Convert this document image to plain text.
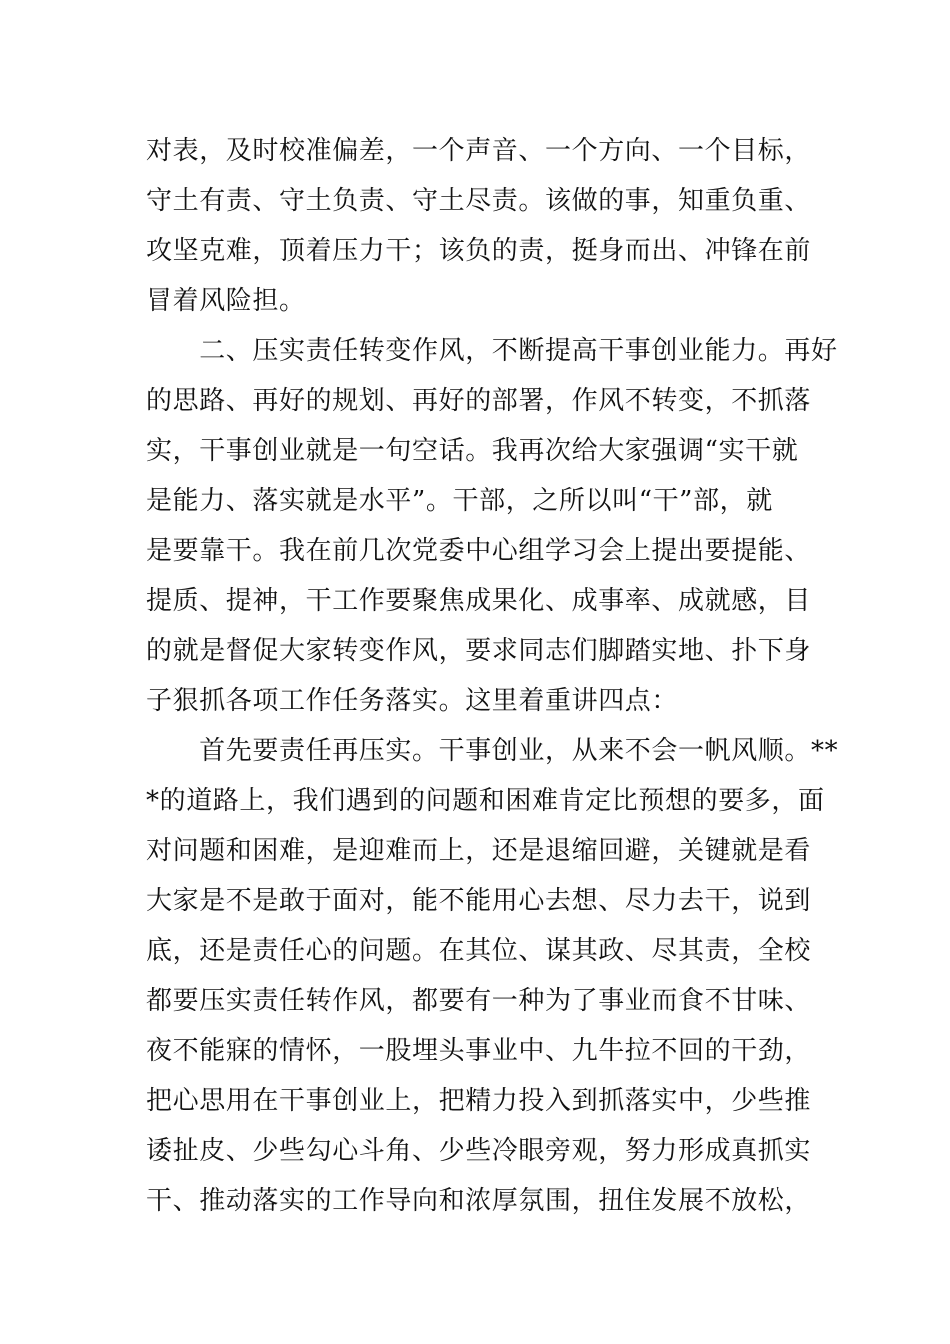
对表，及时校准偏差，一个声音、一个方向、一个目标，
守土有责、守土负责、守土尽责。该做的事，知重负重、
攻坚克难，顶着压力干；该负的责，挺身而出、冲锋在前
冒着风险担。
　　二、压实责任转变作风，不断提高干事创业能力。再好
的思路、再好的规划、再好的部署，作风不转变，不抓落
实，干事创业就是一句空话。我再次给大家强调“实干就
是能力、落实就是水平”。干部，之所以叫“干”部，就
是要靠干。我在前几次党委中心组学习会上提出要提能、
提质、提神，干工作要聚焦成果化、成事率、成就感，目
的就是督促大家转变作风，要求同志们脚踏实地、扑下身
子狠抓各项工作任务落实。这里着重讲四点：
　　首先要责任再压实。干事创业，从来不会一帆风顺。**
*的道路上，我们遇到的问题和困难肯定比预想的要多，面
对问题和困难，是迎难而上，还是退缩回避，关键就是看
大家是不是敢于面对，能不能用心去想、尽力去干，说到
底，还是责任心的问题。在其位、谋其政、尽其责，全校
都要压实责任转作风，都要有一种为了事业而食不甘味、
夜不能寐的情怀，一股埋头事业中、九牛拉不回的干劲，
把心思用在干事创业上，把精力投入到抓落实中，少些推
诿扯皮、少些勾心斗角、少些冷眼旁观，努力形成真抓实
干、推动落实的工作导向和浓厚氛围，扭住发展不放松，
